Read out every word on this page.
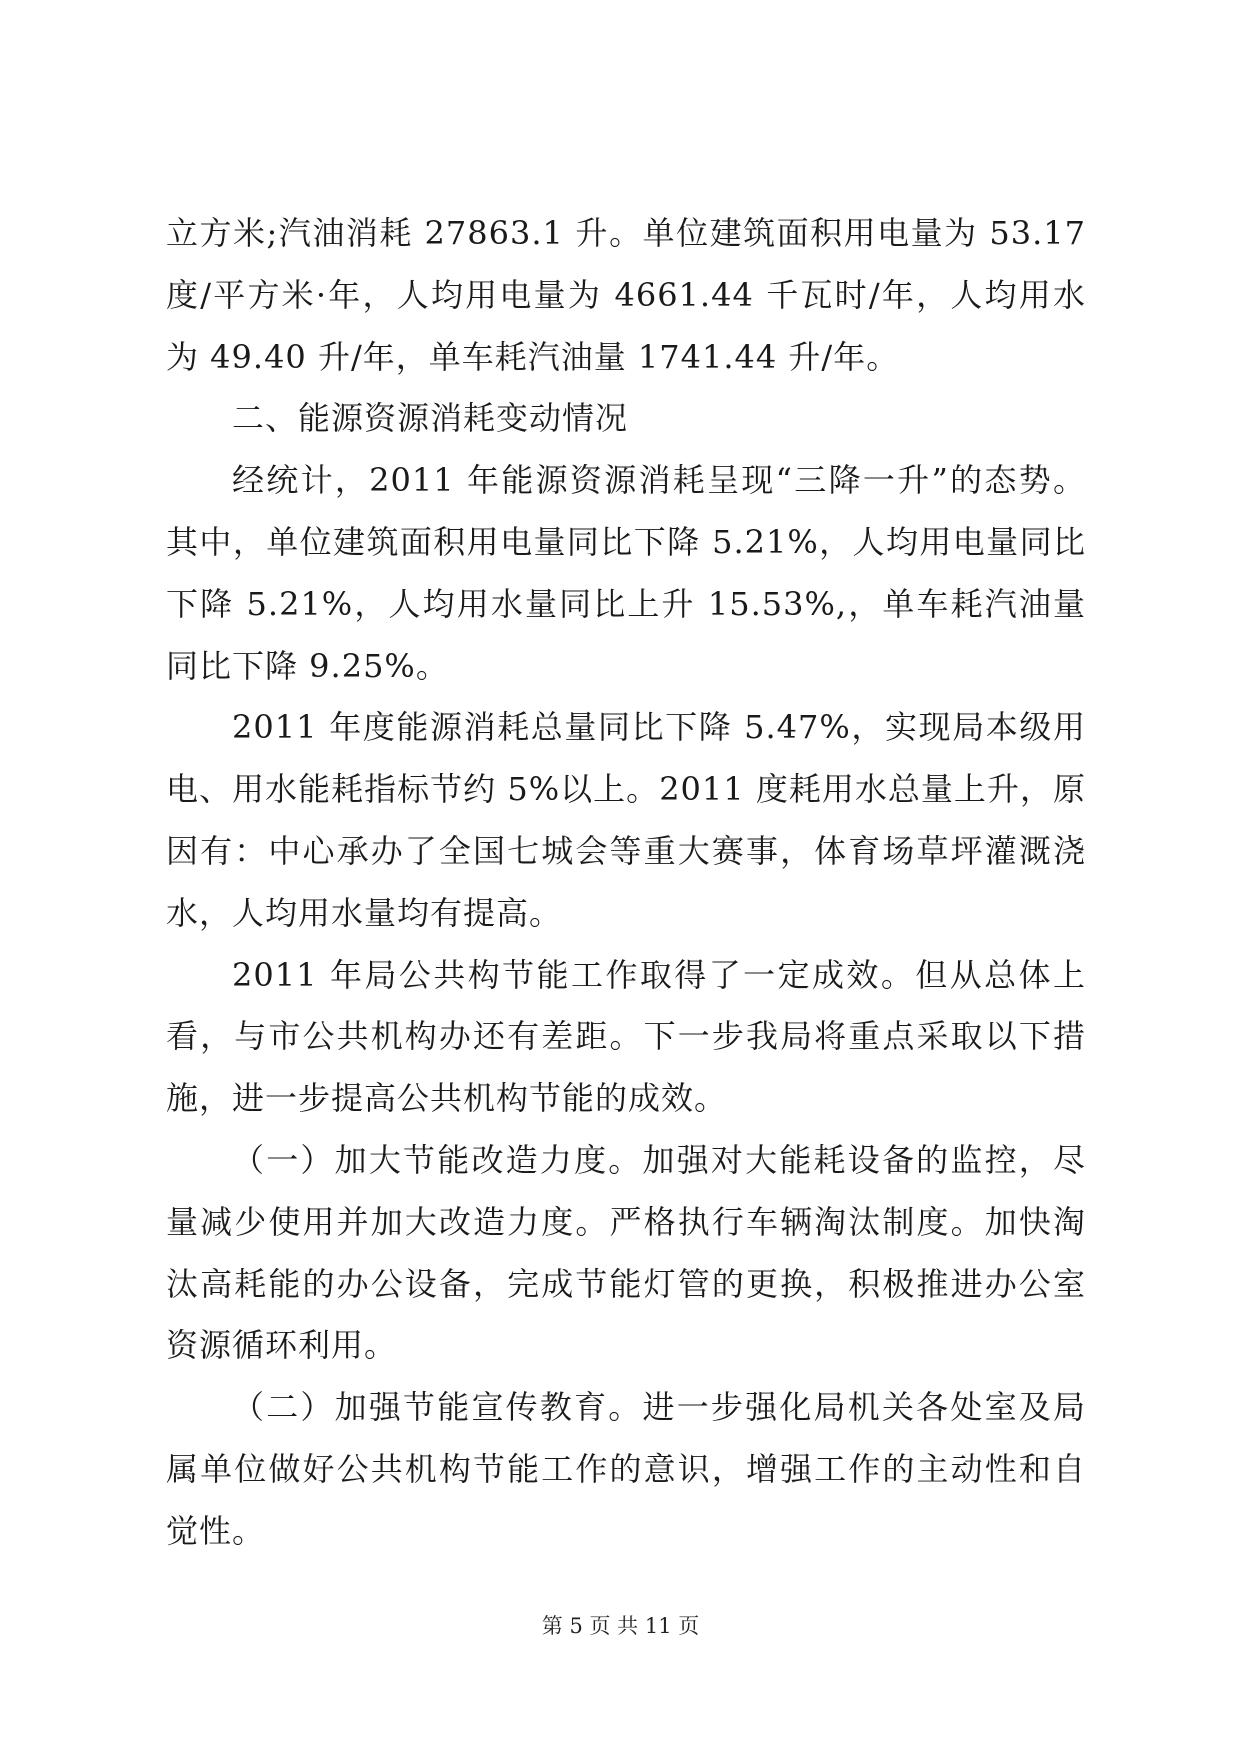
立方米;汽油消耗 27863.1 升。单位建筑面积用电量为 53.17 度/平方米·年，人均用电量为 4661.44 千瓦时/年，人均用水为 49.40 升/年，单车耗汽油量 1741.44 升/年。

二、能源资源消耗变动情况

经统计，2011 年能源资源消耗呈现“三降一升”的态势。其中，单位建筑面积用电量同比下降 5.21%，人均用电量同比下降 5.21%，人均用水量同比上升 15.53%,，单车耗汽油量同比下降 9.25%。

2011 年度能源消耗总量同比下降 5.47%，实现局本级用电、用水能耗指标节约 5%以上。2011 度耗用水总量上升，原因有：中心承办了全国七城会等重大赛事，体育场草坪灌溉浇水，人均用水量均有提高。

2011 年局公共构节能工作取得了一定成效。但从总体上看，与市公共机构办还有差距。下一步我局将重点采取以下措施，进一步提高公共机构节能的成效。

（一）加大节能改造力度。加强对大能耗设备的监控，尽量减少使用并加大改造力度。严格执行车辆淘汰制度。加快淘汰高耗能的办公设备，完成节能灯管的更换，积极推进办公室资源循环利用。

（二）加强节能宣传教育。进一步强化局机关各处室及局属单位做好公共机构节能工作的意识，增强工作的主动性和自觉性。

第 5 页 共 11 页
